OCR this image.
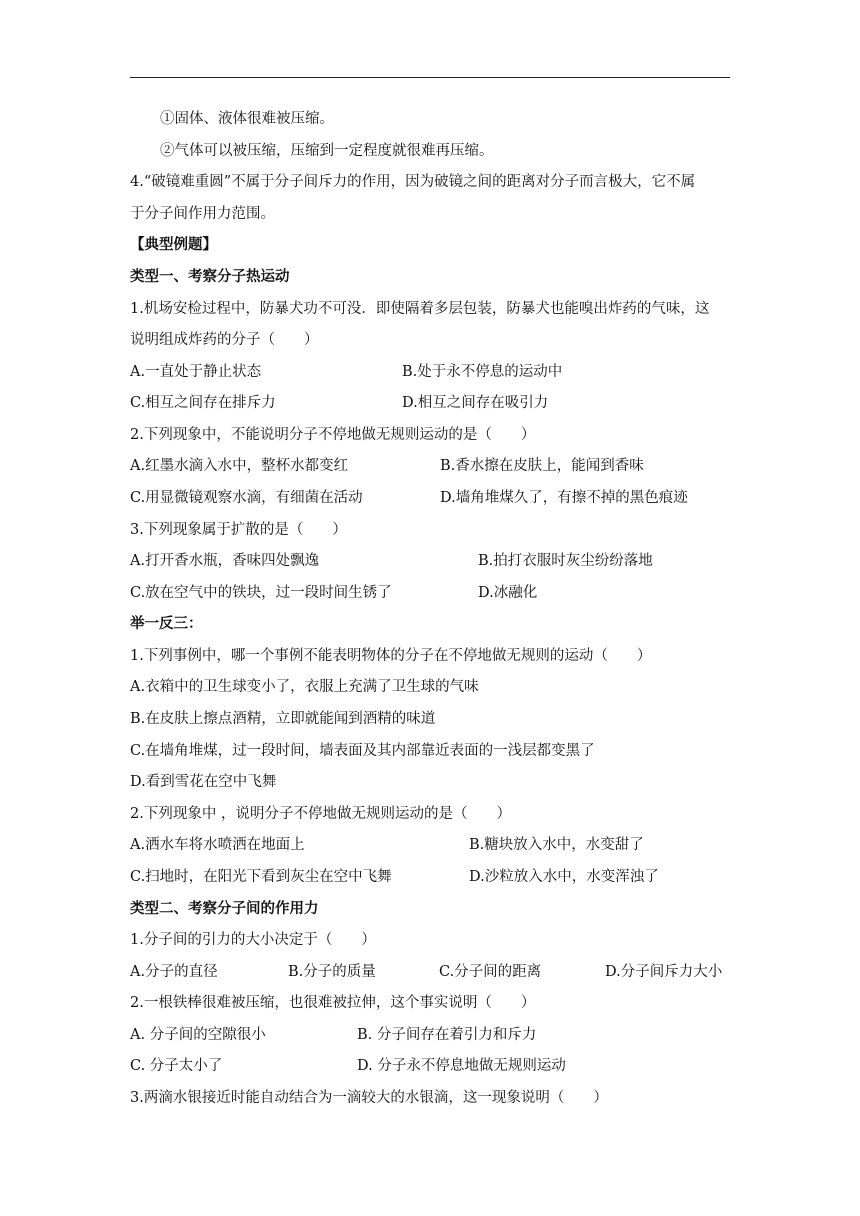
①固体、液体很难被压缩。
②气体可以被压缩，压缩到一定程度就很难再压缩。
4.“破镜难重圆”不属于分子间斥力的作用，因为破镜之间的距离对分子而言极大，它不属
于分子间作用力范围。
【典型例题】
类型一、考察分子热运动
1.机场安检过程中，防暴犬功不可没．即使隔着多层包装，防暴犬也能嗅出炸药的气味，这
说明组成炸药的分子（　　）
A.一直处于静止状态	B.处于永不停息的运动中
C.相互之间存在排斥力	D.相互之间存在吸引力
2.下列现象中，不能说明分子不停地做无规则运动的是（　　）
A.红墨水滴入水中，整杯水都变红	B.香水擦在皮肤上，能闻到香味
C.用显微镜观察水滴，有细菌在活动	D.墙角堆煤久了，有擦不掉的黑色痕迹
3.下列现象属于扩散的是（　　）
A.打开香水瓶，香味四处飘逸	B.拍打衣服时灰尘纷纷落地
C.放在空气中的铁块，过一段时间生锈了	D.冰融化
举一反三：
1.下列事例中，哪一个事例不能表明物体的分子在不停地做无规则的运动（　　）
A.衣箱中的卫生球变小了，衣服上充满了卫生球的气味
B.在皮肤上擦点酒精，立即就能闻到酒精的味道
C.在墙角堆煤，过一段时间，墙表面及其内部靠近表面的一浅层都变黑了
D.看到雪花在空中飞舞
2.下列现象中 ，说明分子不停地做无规则运动的是（　　）
A.洒水车将水喷洒在地面上	B.糖块放入水中，水变甜了
C.扫地时，在阳光下看到灰尘在空中飞舞	D.沙粒放入水中，水变浑浊了
类型二、考察分子间的作用力
1.分子间的引力的大小决定于（　　）
A.分子的直径	B.分子的质量	C.分子间的距离	D.分子间斥力大小
2.一根铁棒很难被压缩，也很难被拉伸，这个事实说明（　　）
A. 分子间的空隙很小	B. 分子间存在着引力和斥力
C. 分子太小了	D. 分子永不停息地做无规则运动
3.两滴水银接近时能自动结合为一滴较大的水银滴，这一现象说明（　　）
